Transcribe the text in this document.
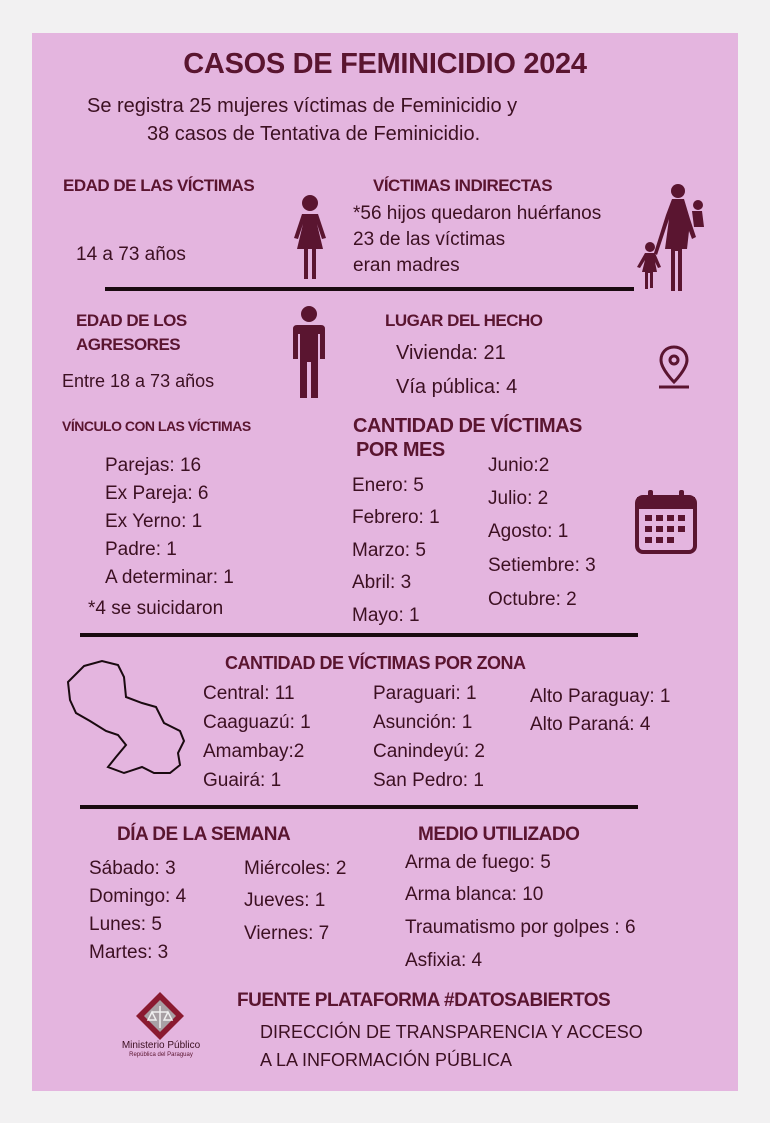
CASOS DE FEMINICIDIO 2024
Se registra 25 mujeres víctimas de Feminicidio y
38 casos de Tentativa de Feminicidio.
EDAD DE LAS VÍCTIMAS
14 a 73 años
VÍCTIMAS INDIRECTAS
*56 hijos quedaron huérfanos
23 de las víctimas
eran madres
EDAD DE LOS
AGRESORES
Entre 18 a 73 años
LUGAR DEL HECHO
Vivienda: 21
Vía pública: 4
VÍNCULO CON LAS VÍCTIMAS
Parejas: 16
Ex Pareja: 6
Ex Yerno: 1
Padre: 1
A determinar: 1
*4 se suicidaron
CANTIDAD DE VÍCTIMAS
POR MES
Enero: 5
Febrero: 1
Marzo: 5
Abril: 3
Mayo: 1
Junio:2
Julio: 2
Agosto: 1
Setiembre: 3
Octubre: 2
CANTIDAD DE VÍCTIMAS POR ZONA
Central: 11
Caaguazú: 1
Amambay:2
Guairá: 1
Paraguari: 1
Asunción: 1
Canindeyú: 2
San Pedro: 1
Alto Paraguay: 1
Alto Paraná: 4
DÍA DE LA SEMANA
Sábado: 3
Domingo: 4
Lunes: 5
Martes: 3
Miércoles: 2
Jueves: 1
Viernes: 7
MEDIO UTILIZADO
Arma de fuego: 5
Arma blanca: 10
Traumatismo por golpes : 6
Asfixia: 4
Ministerio Público
República del Paraguay
FUENTE PLATAFORMA #DATOSABIERTOS
DIRECCIÓN DE TRANSPARENCIA Y ACCESO
A LA INFORMACIÓN PÚBLICA
